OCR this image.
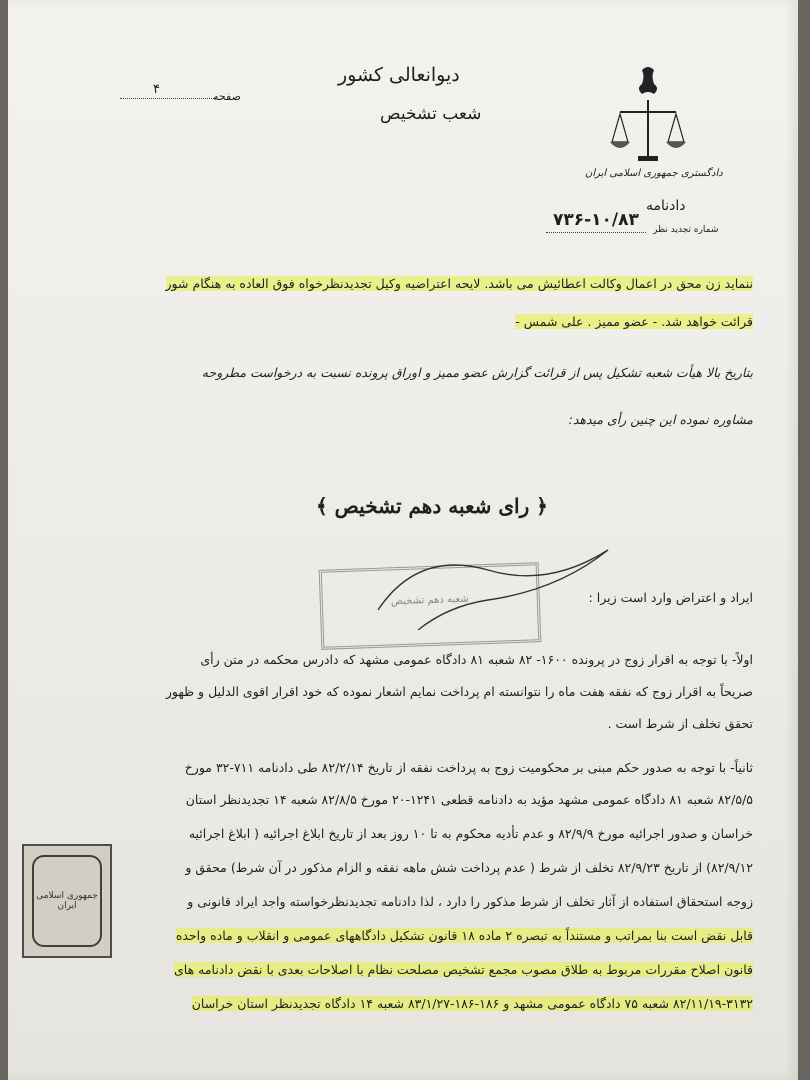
دیوانعالی کشور
شعب تشخیص
صفحه
۴
دادگستری جمهوری اسلامی ایران
دادنامه
شماره تجدید نظر
۷۳۶-۱۰/۸۳
ننماید زن محق در اعمال وکالت اعطائیش می باشد. لایحه اعتراضیه وکیل تجدیدنظرخواه فوق العاده به هنگام شور
قرائت خواهد شد. - عضو ممیز . علی شمس -
بتاریخ بالا هیأت شعبه تشکیل پس از قرائت گزارش عضو ممیز و اوراق پرونده نسبت به درخواست مطروحه
مشاوره نموده این چنین رأی میدهد:
﴿ رای شعبه دهم تشخیص ﴾
شعبه دهم تشخیص	ایراد و اعتراض وارد است زیرا :
اولاً- با توجه به اقرار زوج در پرونده ۱۶۰۰- ۸۲ شعبه ۸۱ دادگاه عمومی مشهد که دادرس محکمه در متن رأی
صریحاً به اقرار زوج که نفقه هفت ماه را نتوانسته ام پرداخت نمایم اشعار نموده که خود اقرار اقوی الدلیل و ظهور
تحقق تخلف از شرط است .
ثانیاً- با توجه به صدور حکم مبنی بر محکومیت زوج به پرداخت نفقه از تاریخ ۸۲/۲/۱۴ طی دادنامه ۷۱۱-۳۲ مورخ
۸۲/۵/۵ شعبه ۸۱ دادگاه عمومی مشهد مؤید به دادنامه قطعی ۱۲۴۱-۲۰ مورخ ۸۲/۸/۵ شعبه ۱۴ تجدیدنظر استان
خراسان و صدور اجرائیه مورخ ۸۲/۹/۹ و عدم تأدیه محکوم به تا ۱۰ روز بعد از تاریخ ابلاغ اجرائیه ( ابلاغ اجرائیه
۸۲/۹/۱۲) از تاریخ ۸۲/۹/۲۳ تخلف از شرط ( عدم پرداخت شش ماهه نفقه و الزام مذکور در آن شرط) محقق و
زوجه استحقاق استفاده از آثار تخلف از شرط مذکور را دارد ، لذا دادنامه تجدیدنظرخواسته واجد ایراد قانونی و
قابل نقض است بنا بمراتب و مستنداً به تبصره ۲ ماده ۱۸ قانون تشکیل دادگاههای عمومی و انقلاب و ماده واحده
قانون اصلاح مقررات مربوط به طلاق مصوب مجمع تشخیص مصلحت نظام با اصلاحات بعدی با نقض دادنامه های
۸۲/۱۱/۱۹-۳۱۳۲ شعبه ۷۵ دادگاه عمومی مشهد و ۱۸۶-۱۸۶-۸۳/۱/۲۷ شعبه ۱۴ دادگاه تجدیدنظر استان خراسان
جمهوری اسلامی ایران
